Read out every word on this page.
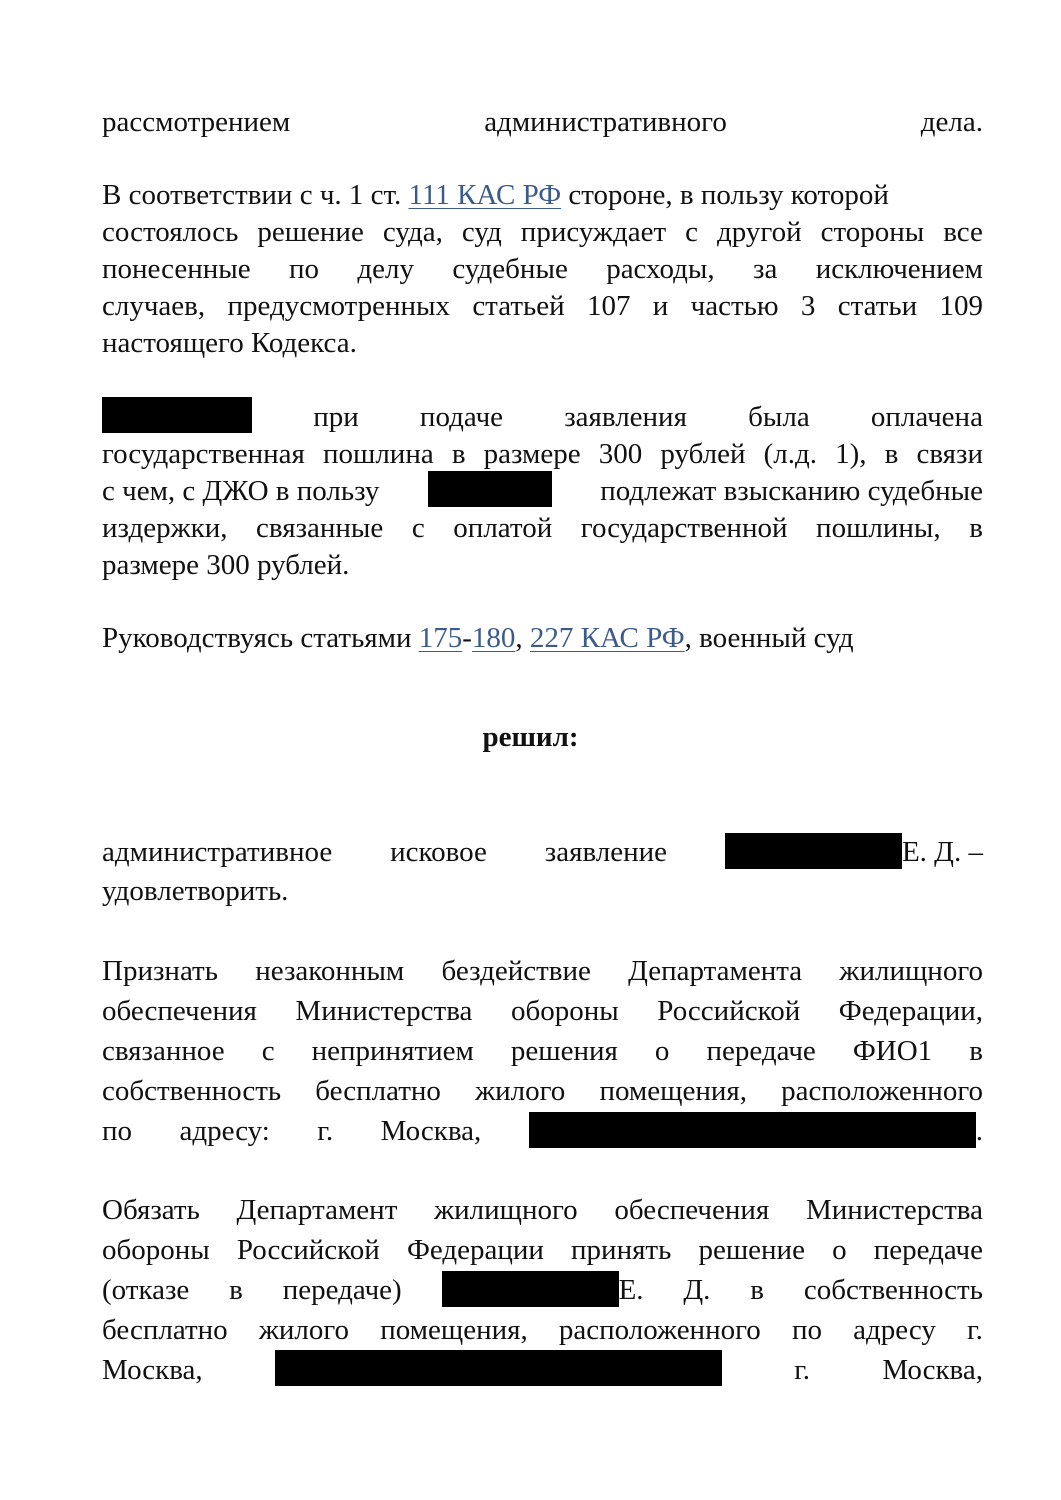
рассмотрением	административного	дела.
В соответствии с ч. 1 ст. 111 КАС РФ стороне, в пользу которой
состоялось решение суда, суд присуждает с другой стороны все
понесенные по делу судебные расходы, за исключением
случаев, предусмотренных статьей 107 и частью 3 статьи 109
настоящего Кодекса.
при подаче заявления была оплачена
государственная пошлина в размере 300 рублей (л.д. 1), в связи
с чем, с ДЖО в пользу	подлежат взысканию судебные
издержки, связанные с оплатой государственной пошлины, в
размере 300 рублей.
Руководствуясь статьями 175-180, 227 КАС РФ, военный суд
решил:
административное исковое заявление	Е. Д. –
удовлетворить.
Признать незаконным бездействие Департамента жилищного
обеспечения Министерства обороны Российской Федерации,
связанное с непринятием решения о передаче ФИО1 в
собственность бесплатно жилого помещения, расположенного
по адресу: г. Москва,	.
Обязать Департамент жилищного обеспечения Министерства
обороны Российской Федерации принять решение о передаче
(отказе в передаче)	Е. Д. в собственность
бесплатно жилого помещения, расположенного по адресу г.
Москва,	г. Москва,
